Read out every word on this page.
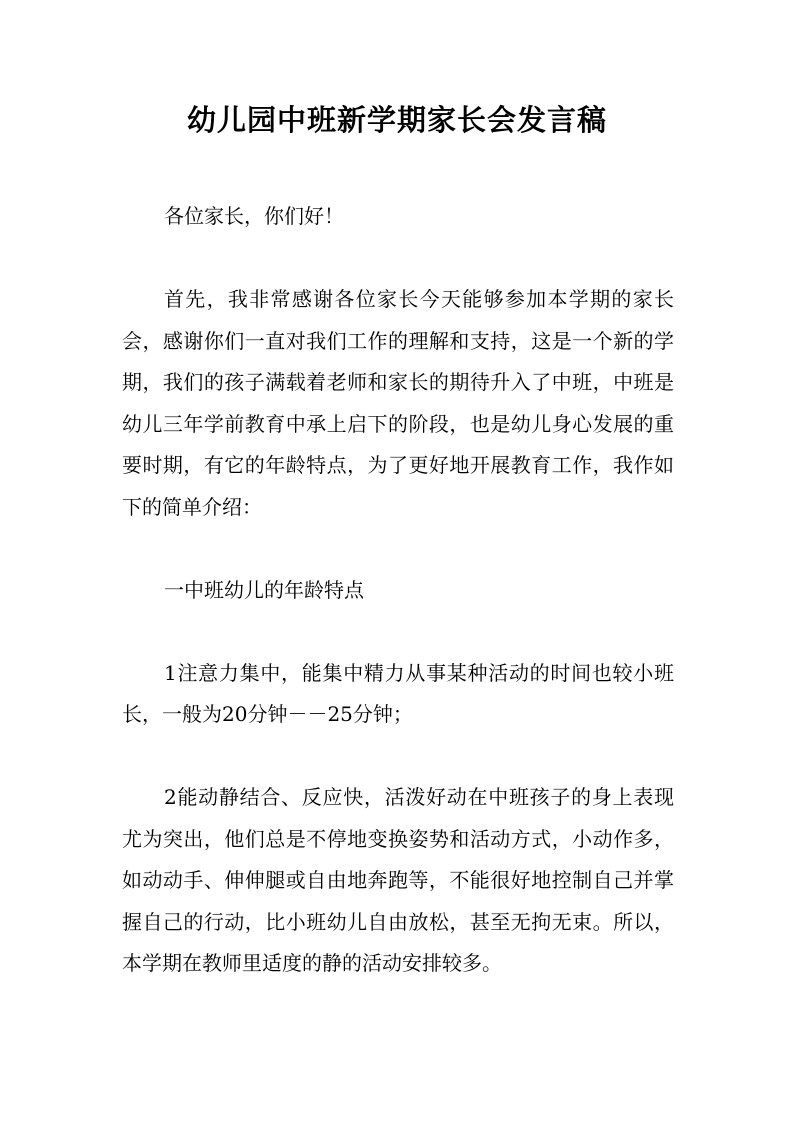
幼儿园中班新学期家长会发言稿

各位家长，你们好！

首先，我非常感谢各位家长今天能够参加本学期的家长会，感谢你们一直对我们工作的理解和支持，这是一个新的学期，我们的孩子满载着老师和家长的期待升入了中班，中班是幼儿三年学前教育中承上启下的阶段，也是幼儿身心发展的重要时期，有它的年龄特点，为了更好地开展教育工作，我作如下的简单介绍：

一中班幼儿的年龄特点

1注意力集中，能集中精力从事某种活动的时间也较小班长，一般为20分钟－－25分钟；

2能动静结合、反应快，活泼好动在中班孩子的身上表现尤为突出，他们总是不停地变换姿势和活动方式，小动作多，如动动手、伸伸腿或自由地奔跑等，不能很好地控制自己并掌握自己的行动，比小班幼儿自由放松，甚至无拘无束。所以，本学期在教师里适度的静的活动安排较多。
